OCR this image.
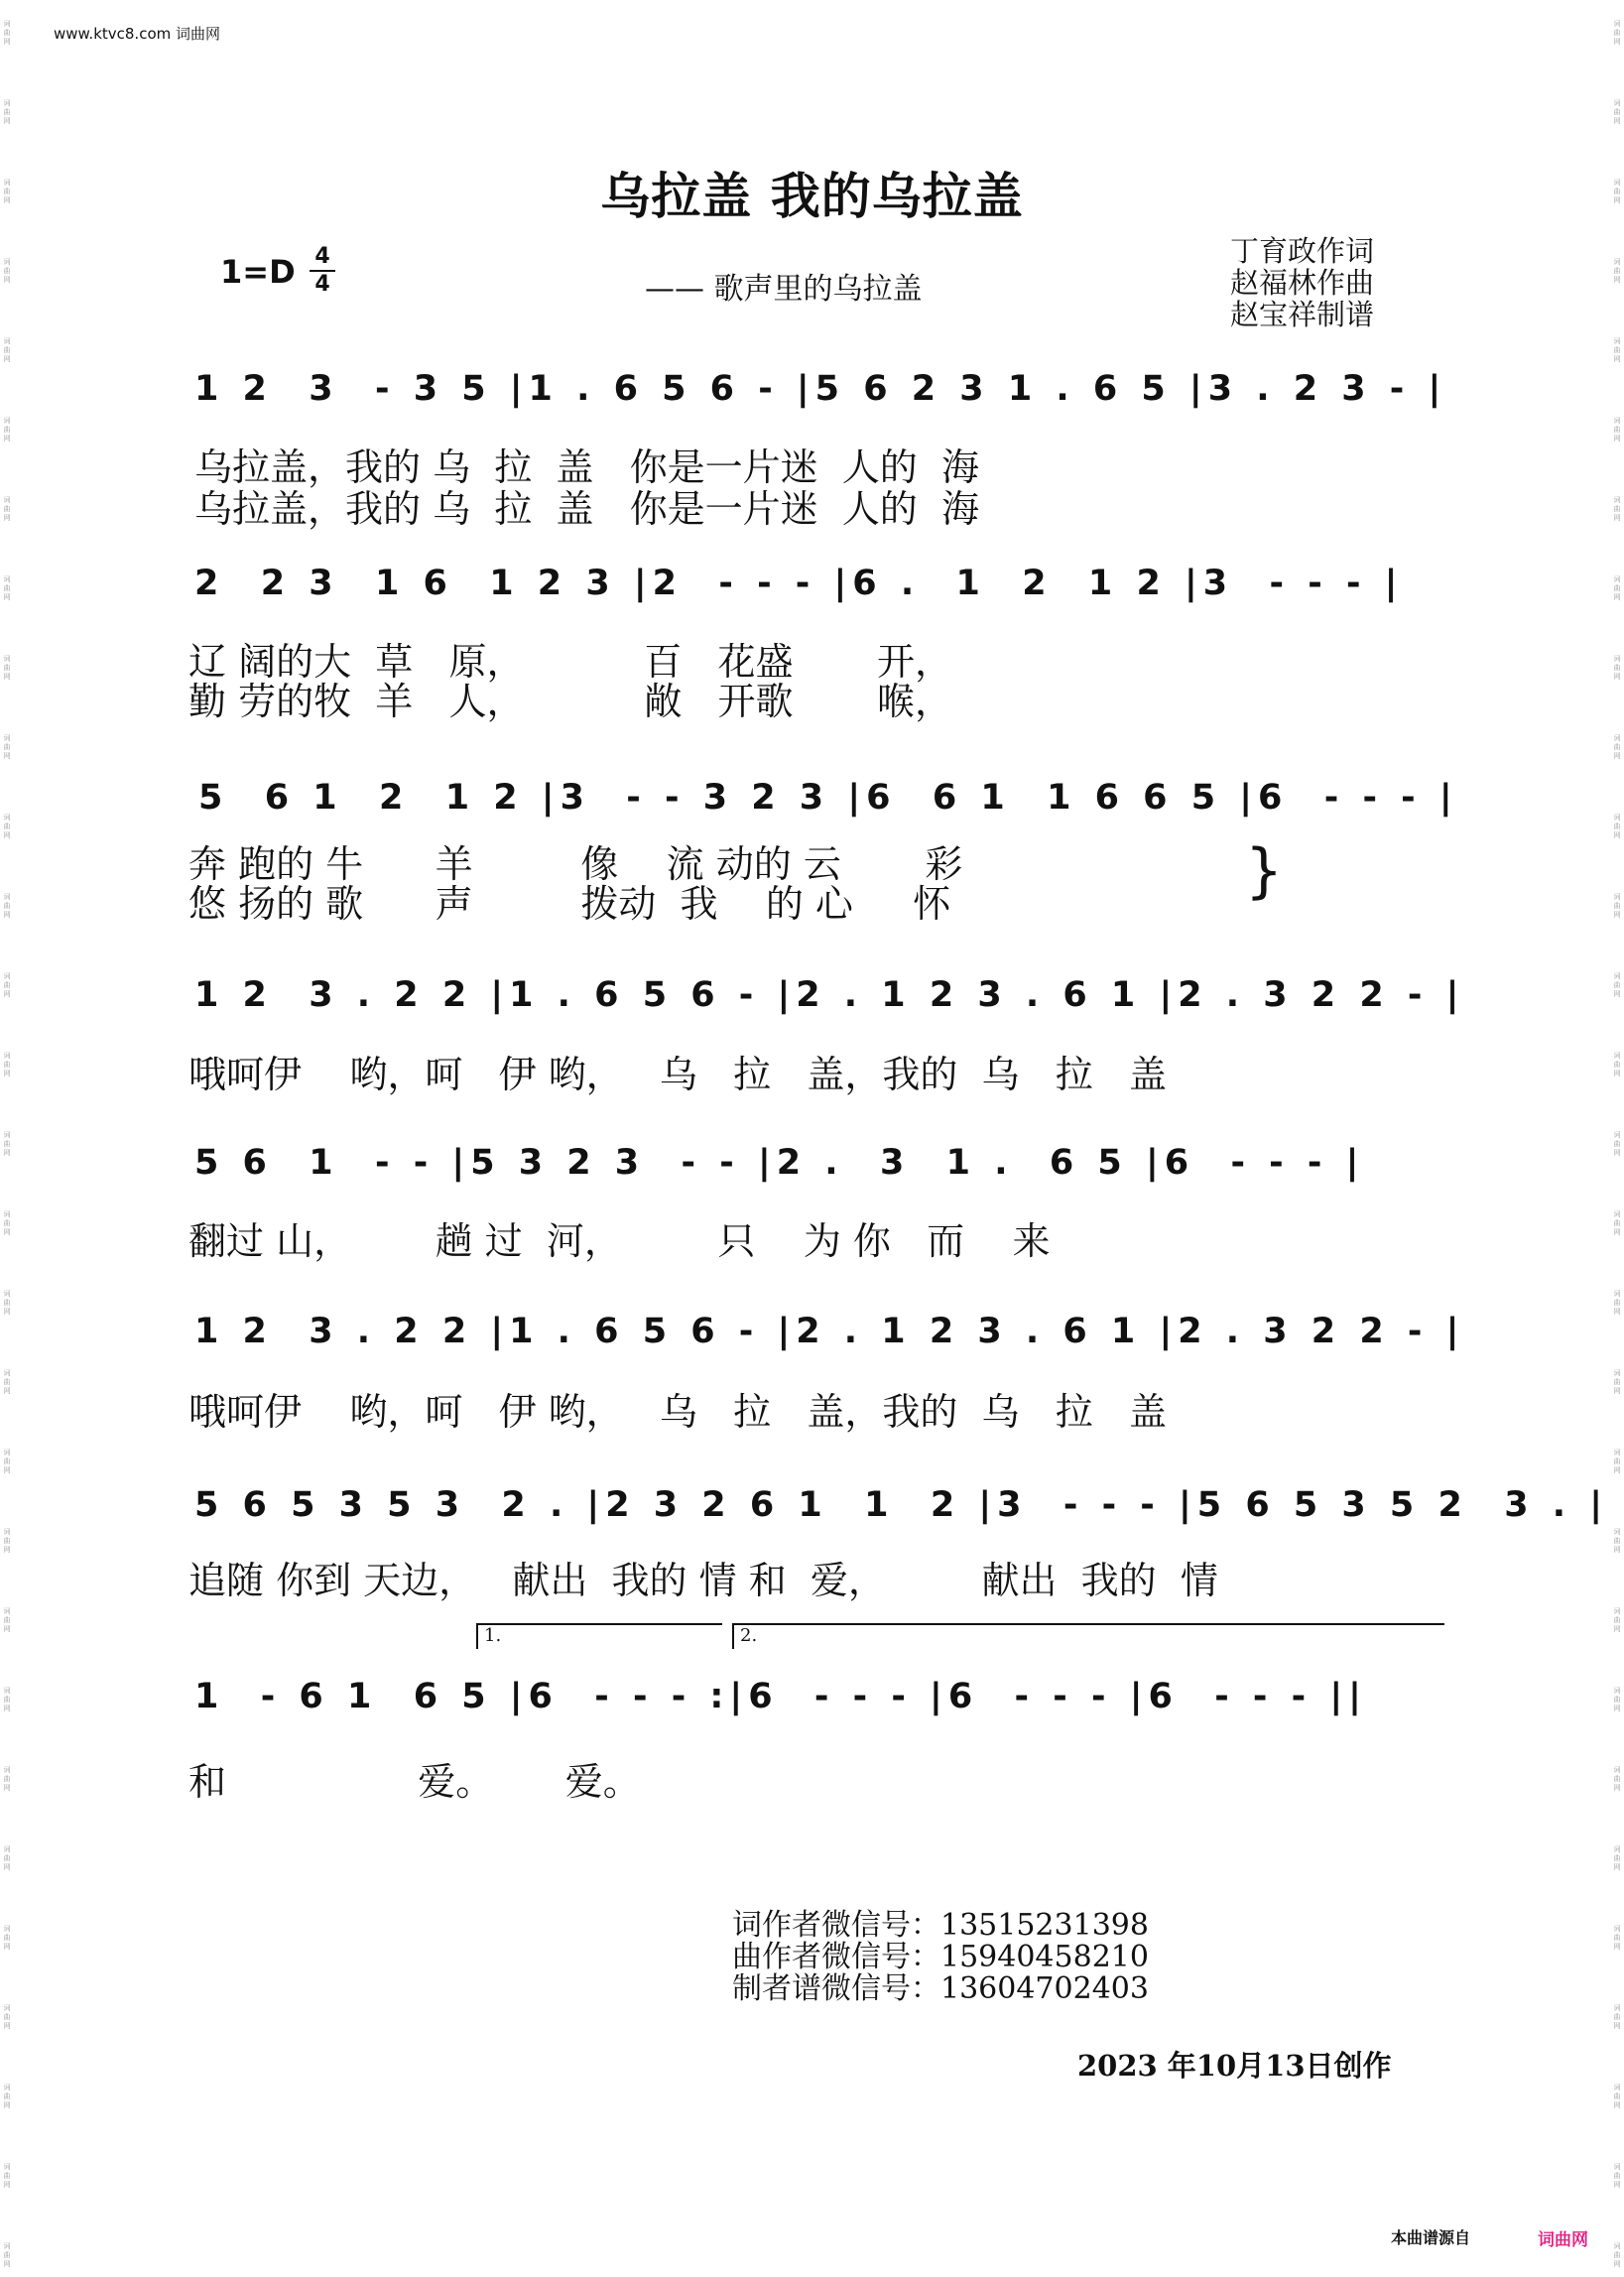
词
曲
网
词
曲
网
词
曲
网
词
曲
网
词
曲
网
词
曲
网
词
曲
网
词
曲
网
词
曲
网
词
曲
网
词
曲
网
词
曲
网
词
曲
网
词
曲
网
词
曲
网
词
曲
网
词
曲
网
词
曲
网
词
曲
网
词
曲
网
词
曲
网
词
曲
网
词
曲
网
词
曲
网
词
曲
网
词
曲
网
词
曲
网
词
曲
网
词
曲
网
词
曲
网
词
曲
网
词
曲
网
词
曲
网
词
曲
网
词
曲
网
词
曲
网
词
曲
网
词
曲
网
词
曲
网
词
曲
网
词
曲
网
词
曲
网
词
曲
网
词
曲
网
词
曲
网
词
曲
网
词
曲
网
词
曲
网
词
曲
网
词
曲
网
词
曲
网
词
曲
网
词
曲
网
词
曲
网
词
曲
网
词
曲
网
词
曲
网
词
曲
网
www.ktvc8.com 词曲网
乌拉盖 我的乌拉盖
1=D 4
4	—— 歌声里的乌拉盖
丁育政作词
赵福林作曲
赵宝祥制谱
1 2  3  - 3 5 |1 . 6 5 6 - |5 6 2 3 1 . 6 5 |3 . 2 3 - |
乌拉盖，我的 乌  拉  盖   你是一片迷  人的  海
乌拉盖，我的 乌  拉  盖   你是一片迷  人的  海
2  2 3  1 6  1 2 3 |2  - - - |6 .  1  2  1 2 |3  - - - |
辽 阔的大  草   原，          百   花盛       开，
勤 劳的牧  羊   人，          敞   开歌       喉，
5  6 1  2  1 2 |3  - - 3 2 3 |6  6 1  1 6 6 5 |6  - - - |
奔 跑的 牛      羊         像    流 动的 云       彩
悠 扬的 歌      声         拨动  我    的 心     怀	}
1 2  3 . 2 2 |1 . 6 5 6 - |2 . 1 2 3 . 6 1 |2 . 3 2 2 - |
哦呵伊    哟，呵   伊 哟，   乌   拉   盖，我的  乌   拉   盖
5 6  1  - - |5 3 2 3  - - |2 .  3  1 .  6 5 |6  - - - |
翻过 山，       趟 过  河，        只    为 你   而    来
1 2  3 . 2 2 |1 . 6 5 6 - |2 . 1 2 3 . 6 1 |2 . 3 2 2 - |
哦呵伊    哟，呵   伊 哟，   乌   拉   盖，我的  乌   拉   盖
5 6 5 3 5 3  2 . |2 3 2 6 1  1  2 |3  - - - |5 6 5 3 5 2  3 . |
追随 你到 天边，   献出  我的 情 和  爱，        献出  我的  情
1.	2.
1  - 6 1  6 5 |6  - - - :|6  - - - |6  - - - |6  - - - ||
和                爱。      爱。
词作者微信号：13515231398
曲作者微信号：15940458210
制者谱微信号：13604702403
2023 年10月13日创作
本曲谱源自	词曲网
